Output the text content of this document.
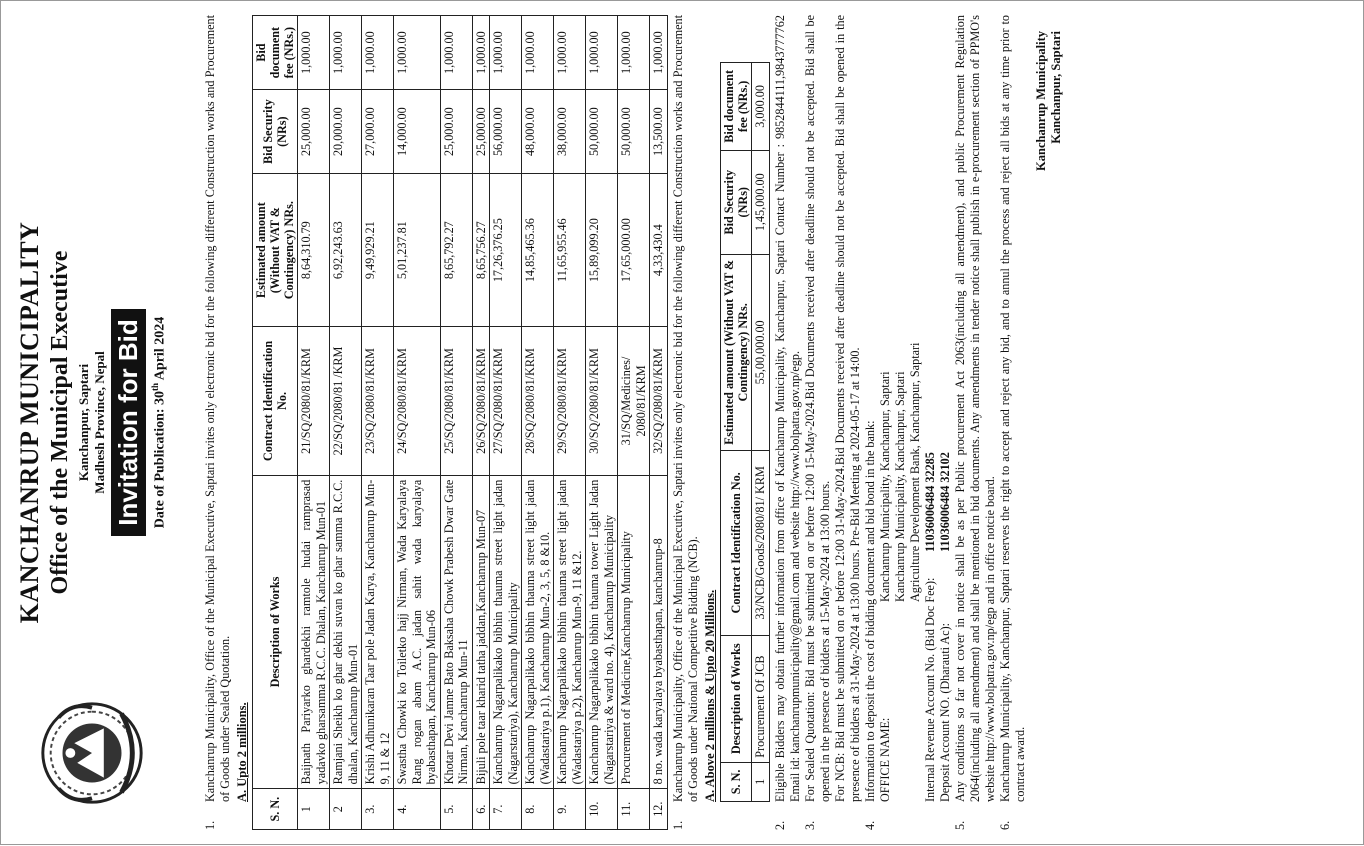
KANCHANRUP MUNICIPALITY Office of the Municipal Executive Kanchanpur, Saptari Madhesh Province, Nepal Invitation for Bid Date of Publication: 30th April 2024
1.
Kanchanrup Municipality, Office of the Municipal Executive, Saptari invites only electronic bid for the following different Construction works and Procurement of Goods under Sealed Quotation. A. Upto 2 millions.
S. N.	Description of Works	Contract Identification No.	Estimated amount (Without VAT & Contingency) NRs.	Bid Security (NRs)	Bid document fee (NRs.)
1	Baijnath Pariyarko ghardekhi ramtole hudai ramprasad yadavko gharsamma R.C.C. Dhalan, Kanchanrup Mun-01	21/SQ/2080/81/KRM	8,64,310.79	25,000.00	1,000.00
2	Ramjani Sheikh ko ghar dekhi suvan ko ghar samma R.C.C. dhalan, Kanchanrup Mun-01	22/SQ/2080/81 /KRM	6,92,243.63	20,000.00	1,000.00
3.	Krishi Adhunikaran Taar pole Jadan Karya, Kanchanrup Mun-9, 11 & 12	23/SQ/2080/81/KRM	9,49,929.21	27,000.00	1,000.00
4.	Swastha Chowki ko Toiletko hajj Nirman, Wada Karyalaya Rang rogan abam A.C. jadan sahit wada karyalaya byabasthapan, Kanchanrup Mun-06	24/SQ/2080/81/KRM	5,01,237.81	14,000.00	1,000.00
5.	Khotar Devi Jamne Bato Baksaha Chowk Prabesh Dwar Gate Nirman, Kanchanrup Mun-11	25/SQ/2080/81/KRM	8,65,792.27	25,000.00	1,000.00
6.	Bijuli pole taar kharid tatha jaddan,Kanchanrup Mun-07	26/SQ/2080/81/KRM	8,65,756.27	25,000.00	1,000.00
7.	Kanchanrup Nagarpalikako bibhin thauma street light jadan (Nagarstariya), Kanchanrup Municipality	27/SQ/2080/81/KRM	17,26,376.25	56,000.00	1,000.00
8.	Kanchanrup Nagarpalikako bibhin thauma street light jadan (Wadastariya p.1), Kanchanrup Mun-2, 3, 5, 8 &10.	28/SQ/2080/81/KRM	14,85,465.36	48,000.00	1,000.00
9.	Kanchanrup Nagarpalikako bibhin thauma street light jadan (Wadastariya p.2), Kanchanrup Mun-9, 11 &12.	29/SQ/2080/81/KRM	11,65,955.46	38,000.00	1,000.00
10.	Kanchanrup Nagarpalikako bibhin thauma tower Light Jadan (Nagarstariya & ward no. 4), Kanchanrup Municipality	30/SQ/2080/81/KRM	15,89,099.20	50,000.00	1,000.00
11.	Procurement of Medicine,Kanchanrup Municipality	31/SQ/Medicines/ 2080/81/KRM	17,65,000.00	50,000.00	1,000.00
12.	8 no. wada karyalaya byabasthapan, kanchanrup-8	32/SQ/2080/81/KRM	4,33,430.4	13,500.00	1,000.00
1.
Kanchanrup Municipality, Office of the Municipal Executive, Saptari invites only electronic bid for the following different Construction works and Procurement of Goods under National Competitive Bidding (NCB). A. Above 2 millions & Upto 20 Millions. S. N.	Description of Works	Contract Identification No.	Estimated amount (Without VAT & Contingency) NRs.	Bid Security (NRs)	Bid document fee (NRs.)
1	Procurement Of JCB	33/NCB/Goods/2080/81/ KRM	55,00,000.00	1,45,000.00	3,000.00
2.
Eligible Bidders may obtain further information from office of Kanchanrup Municipality, Kanchanpur, Saptari Contact Number : 9852844111,9843777762 Email id: kanchanrupmunicipality@gmail.com and website http://www.bolpatra.gov.np/egp.
3.
For Sealed Quotation: Bid must be submitted on or before 12:00 15-May-2024.Bid Documents received after deadline should not be accepted. Bid shall be opened in the presence of bidders at 15-May-2024 at 13:00 hours. For NCB: Bid must be submitted on or before 12:00 31-May-2024.Bid Documents received after deadline should not be accepted. Bid shall be opened in the presence of bidders at 31-May-2024 at 13:00 hours. Pre-Bid Meeting at 2024-05-17 at 14:00.
4.
Information to deposit the cost of bidding document and bid bond in the bank: OFFICE NAME:
Kanchanrup Municipality, Kanchanpur, Saptari Kanchanrup Municipality, Kanchanpur, Saptari Agriculture Development Bank, Kanchanpur, Saptari
Internal Revenue Account No. (Bid Doc Fee):
11036006484 32285
Deposit Account NO. (Dharauti Ac):
11036006484 32102
5.
Any conditions so far not cover in notice shall be as per Public procurement Act 2063(including all amendment), and public Procurement Regulation 2064(including all amendment) and shall be mentioned in bid documents. Any amendments in tender notice shall publish in e-procurement section of PPMO's website http://www.bolpatra.gov.np/egp and in office notcie board.
6.
Kanchanrup Municipality, Kanchanpur, Saptari reserves the right to accept and reject any bid, and to annul the process and reject all bids at any time prior to contract award.
Kanchanrup Municipality Kanchanpur, Saptari
